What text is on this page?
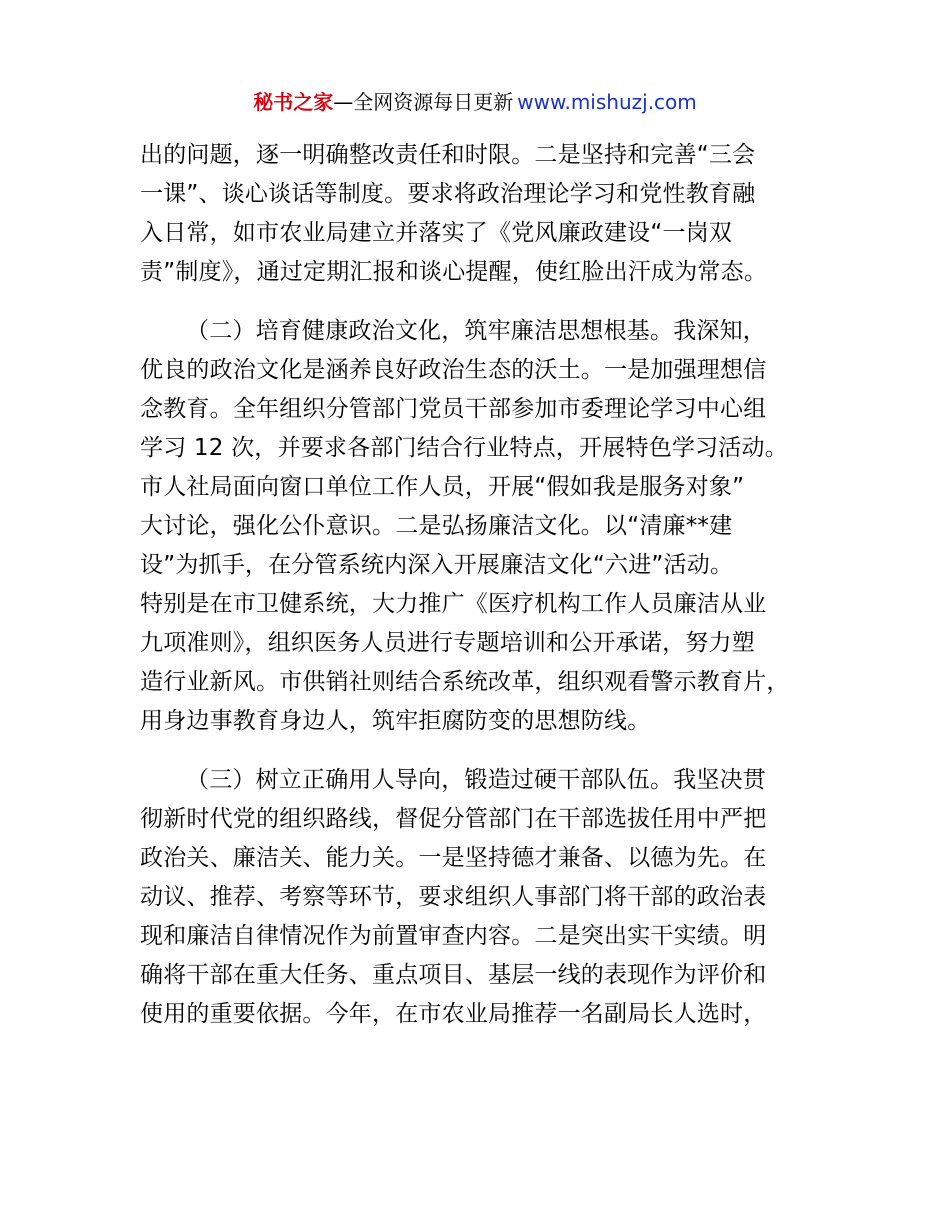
秘书之家—全网资源每日更新 www.mishuzj.com
出的问题，逐一明确整改责任和时限。二是坚持和完善“三会
一课”、谈心谈话等制度。要求将政治理论学习和党性教育融
入日常，如市农业局建立并落实了《党风廉政建设“一岗双
责”制度》，通过定期汇报和谈心提醒，使红脸出汗成为常态。
（二）培育健康政治文化，筑牢廉洁思想根基。我深知，
优良的政治文化是涵养良好政治生态的沃土。一是加强理想信
念教育。全年组织分管部门党员干部参加市委理论学习中心组
学习 12 次，并要求各部门结合行业特点，开展特色学习活动。
市人社局面向窗口单位工作人员，开展“假如我是服务对象”
大讨论，强化公仆意识。二是弘扬廉洁文化。以“清廉**建
设”为抓手，在分管系统内深入开展廉洁文化“六进”活动。
特别是在市卫健系统，大力推广《医疗机构工作人员廉洁从业
九项准则》，组织医务人员进行专题培训和公开承诺，努力塑
造行业新风。市供销社则结合系统改革，组织观看警示教育片，
用身边事教育身边人，筑牢拒腐防变的思想防线。
（三）树立正确用人导向，锻造过硬干部队伍。我坚决贯
彻新时代党的组织路线，督促分管部门在干部选拔任用中严把
政治关、廉洁关、能力关。一是坚持德才兼备、以德为先。在
动议、推荐、考察等环节，要求组织人事部门将干部的政治表
现和廉洁自律情况作为前置审查内容。二是突出实干实绩。明
确将干部在重大任务、重点项目、基层一线的表现作为评价和
使用的重要依据。今年，在市农业局推荐一名副局长人选时，
